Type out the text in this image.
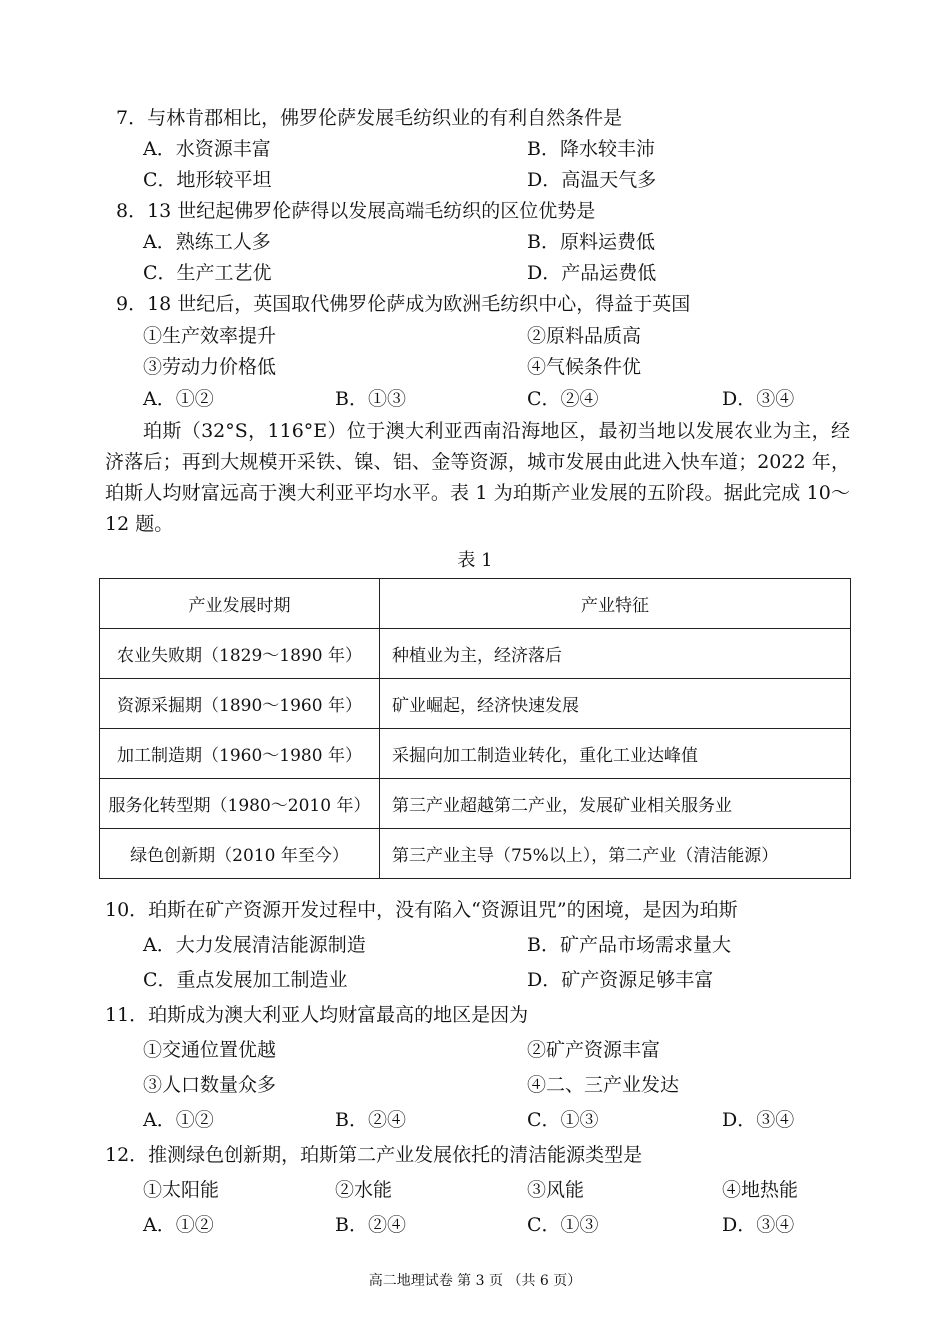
7．与林肯郡相比，佛罗伦萨发展毛纺织业的有利自然条件是
A．水资源丰富	B．降水较丰沛
C．地形较平坦	D．高温天气多
8．13 世纪起佛罗伦萨得以发展高端毛纺织的区位优势是
A．熟练工人多	B．原料运费低
C．生产工艺优	D．产品运费低
9．18 世纪后，英国取代佛罗伦萨成为欧洲毛纺织中心，得益于英国
①生产效率提升	②原料品质高
③劳动力价格低	④气候条件优
A．①②	B．①③	C．②④	D．③④
珀斯（32°S，116°E）位于澳大利亚西南沿海地区，最初当地以发展农业为主，经济落后；再到大规模开采铁、镍、铝、金等资源，城市发展由此进入快车道；2022 年，珀斯人均财富远高于澳大利亚平均水平。表 1 为珀斯产业发展的五阶段。据此完成 10～12 题。
表 1
产业发展时期	产业特征
农业失败期（1829～1890 年）	种植业为主，经济落后
资源采掘期（1890～1960 年）	矿业崛起，经济快速发展
加工制造期（1960～1980 年）	采掘向加工制造业转化，重化工业达峰值
服务化转型期（1980～2010 年）	第三产业超越第二产业，发展矿业相关服务业
绿色创新期（2010 年至今）	第三产业主导（75%以上），第二产业（清洁能源）
10．珀斯在矿产资源开发过程中，没有陷入“资源诅咒”的困境，是因为珀斯
A．大力发展清洁能源制造	B．矿产品市场需求量大
C．重点发展加工制造业	D．矿产资源足够丰富
11．珀斯成为澳大利亚人均财富最高的地区是因为
①交通位置优越	②矿产资源丰富
③人口数量众多	④二、三产业发达
A．①②	B．②④	C．①③	D．③④
12．推测绿色创新期，珀斯第二产业发展依托的清洁能源类型是
①太阳能	②水能	③风能	④地热能
A．①②	B．②④	C．①③	D．③④
高二地理试卷 第 3 页 （共 6 页）
